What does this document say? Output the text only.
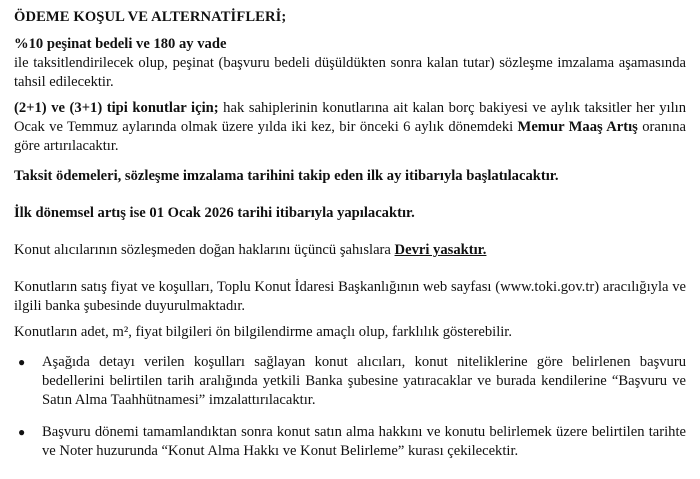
ÖDEME KOŞUL VE ALTERNATİFLERİ;

%10 peşinat bedeli ve 180 ay vade
ile taksitlendirilecek olup, peşinat (başvuru bedeli düşüldükten sonra kalan tutar) sözleşme imzalama aşamasında tahsil edilecektir.

(2+1) ve (3+1) tipi konutlar için; hak sahiplerinin konutlarına ait kalan borç bakiyesi ve aylık taksitler her yılın Ocak ve Temmuz aylarında olmak üzere yılda iki kez, bir önceki 6 aylık dönemdeki Memur Maaş Artış oranına göre artırılacaktır.

Taksit ödemeleri, sözleşme imzalama tarihini takip eden ilk ay itibarıyla başlatılacaktır.

İlk dönemsel artış ise 01 Ocak 2026 tarihi itibarıyla yapılacaktır.

Konut alıcılarının sözleşmeden doğan haklarını üçüncü şahıslara Devri yasaktır.

Konutların satış fiyat ve koşulları, Toplu Konut İdaresi Başkanlığının web sayfası (www.toki.gov.tr) aracılığıyla ve ilgili banka şubesinde duyurulmaktadır.

Konutların adet, m², fiyat bilgileri ön bilgilendirme amaçlı olup, farklılık gösterebilir.

● Aşağıda detayı verilen koşulları sağlayan konut alıcıları, konut niteliklerine göre belirlenen başvuru bedellerini belirtilen tarih aralığında yetkili Banka şubesine yatıracaklar ve burada kendilerine “Başvuru ve Satın Alma Taahhütnamesi” imzalattırılacaktır.
● Başvuru dönemi tamamlandıktan sonra konut satın alma hakkını ve konutu belirlemek üzere belirtilen tarihte ve Noter huzurunda “Konut Alma Hakkı ve Konut Belirleme” kurası çekilecektir.
